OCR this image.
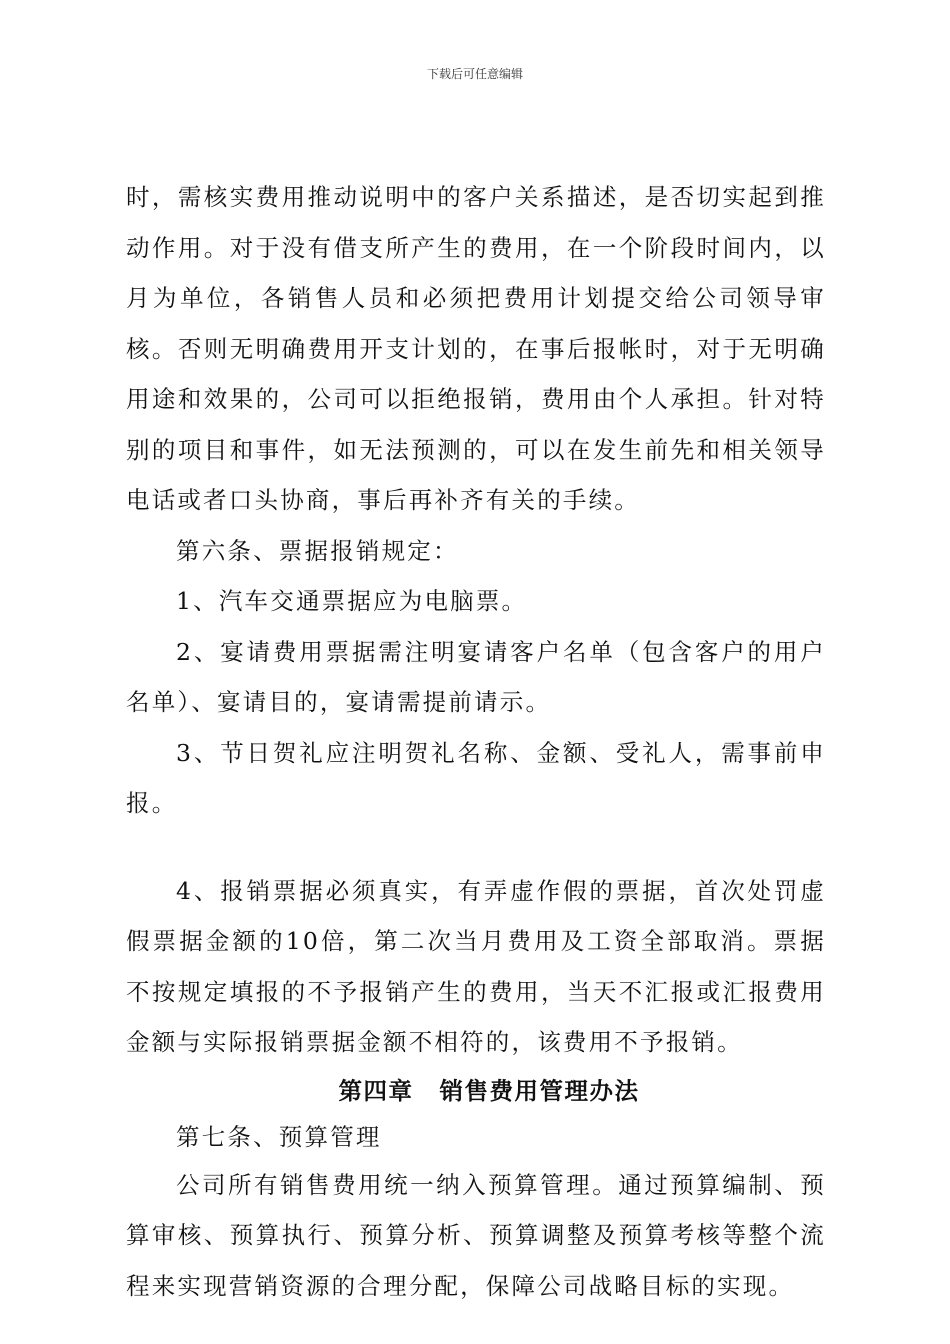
下载后可任意编辑

时，需核实费用推动说明中的客户关系描述，是否切实起到推动作用。对于没有借支所产生的费用，在一个阶段时间内，以月为单位，各销售人员和必须把费用计划提交给公司领导审核。否则无明确费用开支计划的，在事后报帐时，对于无明确用途和效果的，公司可以拒绝报销，费用由个人承担。针对特别的项目和事件，如无法预测的，可以在发生前先和相关领导电话或者口头协商，事后再补齐有关的手续。

第六条、票据报销规定：

1、汽车交通票据应为电脑票。

2、宴请费用票据需注明宴请客户名单（包含客户的用户名单）、宴请目的，宴请需提前请示。

3、节日贺礼应注明贺礼名称、金额、受礼人，需事前申报。

4、报销票据必须真实，有弄虚作假的票据，首次处罚虚假票据金额的10倍，第二次当月费用及工资全部取消。票据不按规定填报的不予报销产生的费用，当天不汇报或汇报费用金额与实际报销票据金额不相符的，该费用不予报销。

第四章 销售费用管理办法

第七条、预算管理

公司所有销售费用统一纳入预算管理。通过预算编制、预算审核、预算执行、预算分析、预算调整及预算考核等整个流程来实现营销资源的合理分配，保障公司战略目标的实现。
